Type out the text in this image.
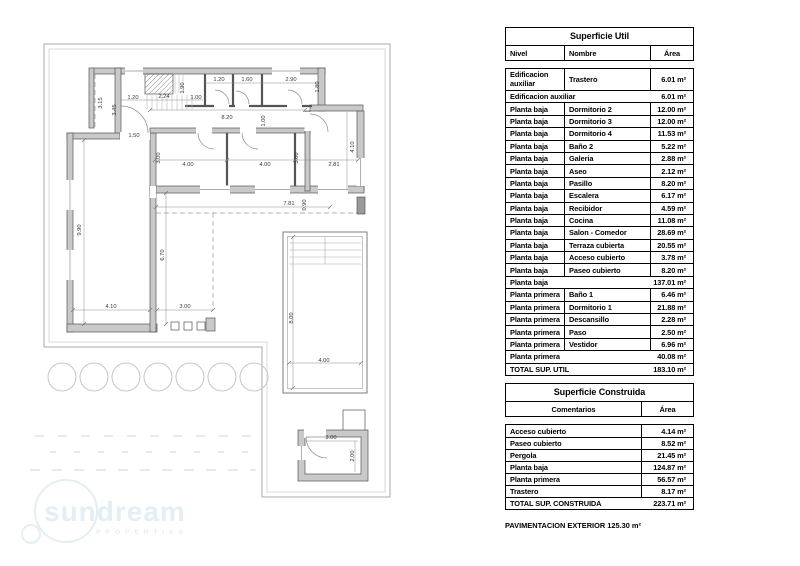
sundream
PROPERTIES
3.15
3.45
1.20	2.24
1.90
1.00
1.50
1.20	1.60	2.90
1.80
8.20	1.00
3.00
4.00	4.00
3.00
2.81
4.10
9.90
6.70
4.10	3.00
7.81 0.90
8.00
4.00
3.00
2.00
Superficie Util
Nivel	Nombre	Área
Edificacion auxiliar	Trastero	6.01 m²
Edificacion auxiliar	6.01 m²
Planta baja	Dormitorio 2	12.00 m²
Planta baja	Dormitorio 3	12.00 m²
Planta baja	Dormitorio 4	11.53 m²
Planta baja	Baño 2	5.22 m²
Planta baja	Galeria	2.88 m²
Planta baja	Aseo	2.12 m²
Planta baja	Pasillo	8.20 m²
Planta baja	Escalera	6.17 m²
Planta baja	Recibidor	4.59 m²
Planta baja	Cocina	11.08 m²
Planta baja	Salon - Comedor	28.69 m²
Planta baja	Terraza cubierta	20.55 m²
Planta baja	Acceso cubierto	3.78 m²
Planta baja	Paseo cubierto	8.20 m²
Planta baja	137.01 m²
Planta primera	Baño 1	6.46 m²
Planta primera	Dormitorio 1	21.88 m²
Planta primera	Descansillo	2.28 m²
Planta primera	Paso	2.50 m²
Planta primera	Vestidor	6.96 m²
Planta primera	40.08 m²
TOTAL SUP. UTIL	183.10 m²
Superficie Construida
Comentarios	Área
Acceso cubierto	4.14 m²
Paseo cubierto	8.52 m²
Pergola	21.45 m²
Planta baja	124.87 m²
Planta primera	56.57 m²
Trastero	8.17 m²
TOTAL SUP. CONSTRUIDA	223.71 m²
PAVIMENTACION EXTERIOR 125.30 m²
